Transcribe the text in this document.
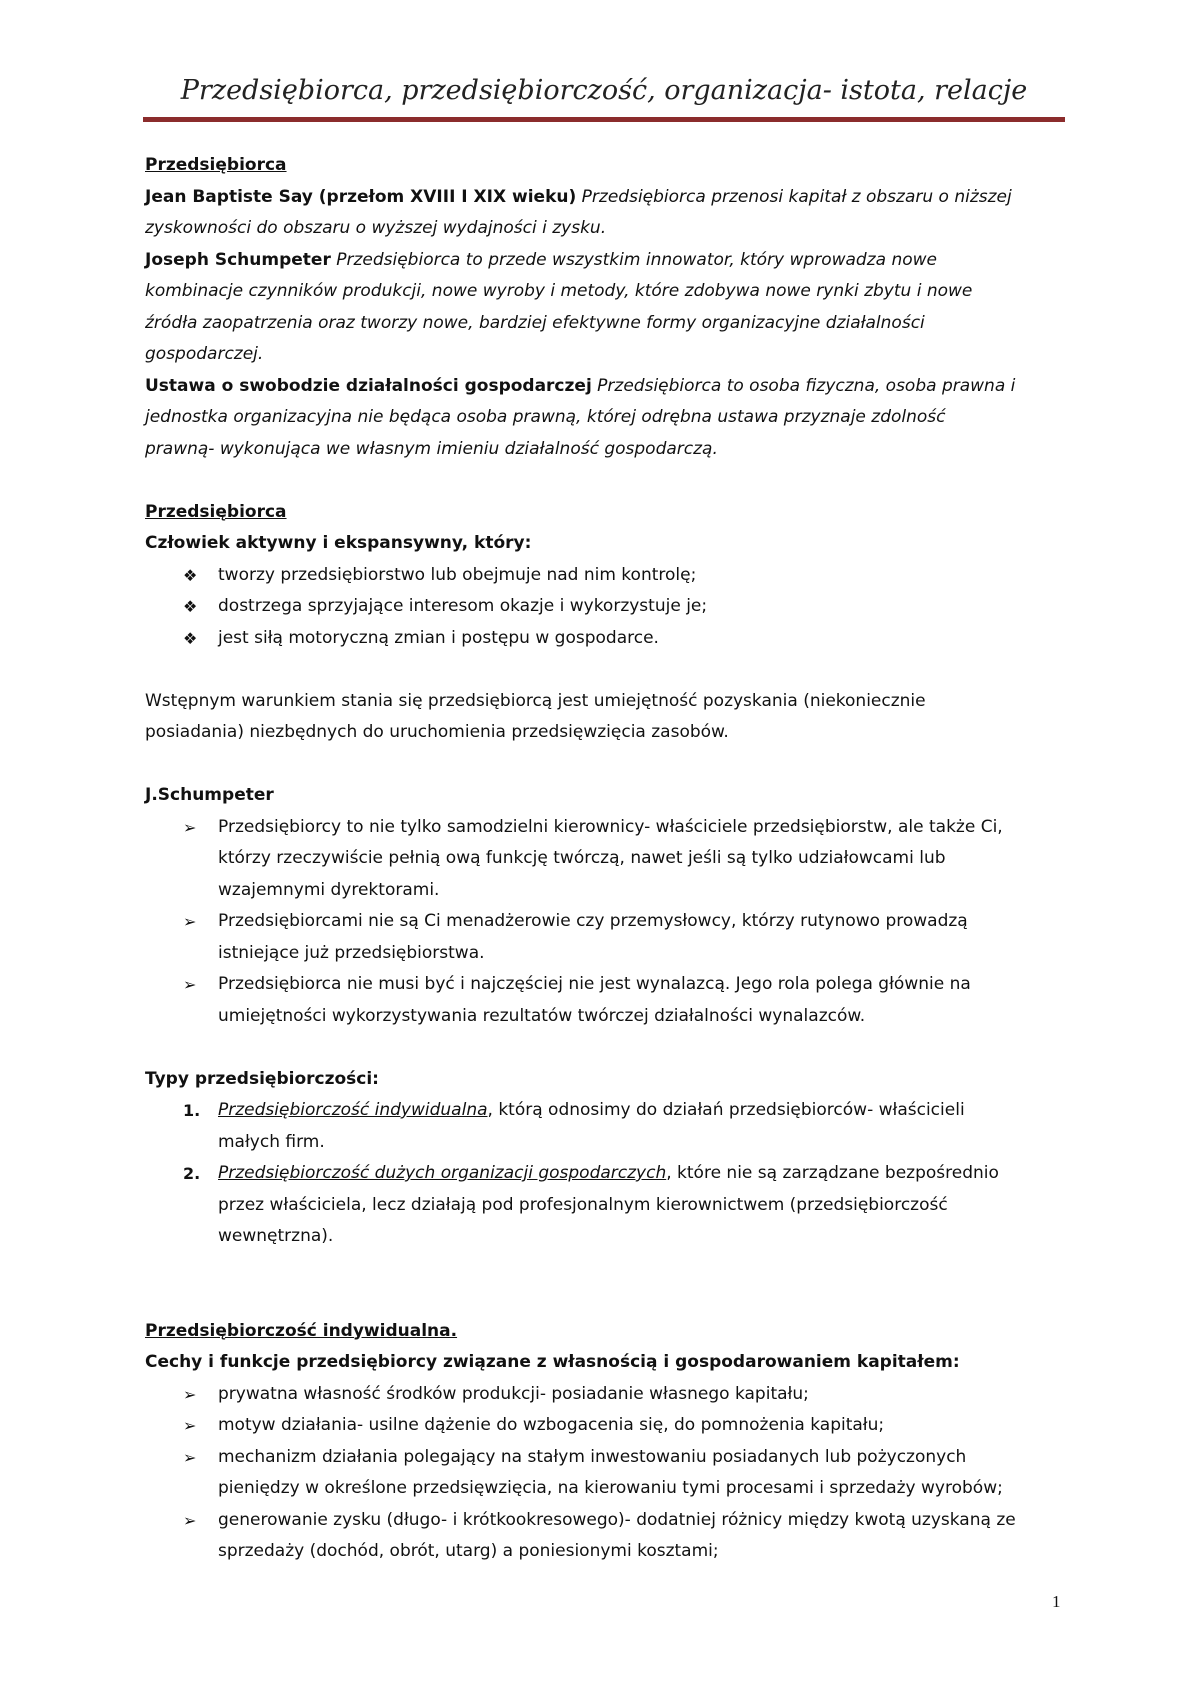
Przedsiębiorca, przedsiębiorczość, organizacja- istota, relacje

Przedsiębiorca

Jean Baptiste Say (przełom XVIII I XIX wieku) Przedsiębiorca przenosi kapitał z obszaru o niższej

zyskowności do obszaru o wyższej wydajności i zysku.

Joseph Schumpeter Przedsiębiorca to przede wszystkim innowator, który wprowadza nowe

kombinacje czynników produkcji, nowe wyroby i metody, które zdobywa nowe rynki zbytu i nowe

źródła zaopatrzenia oraz tworzy nowe, bardziej efektywne formy organizacyjne działalności

gospodarczej.

Ustawa o swobodzie działalności gospodarczej Przedsiębiorca to osoba fizyczna, osoba prawna i

jednostka organizacyjna nie będąca osoba prawną, której odrębna ustawa przyznaje zdolność

prawną- wykonująca we własnym imieniu działalność gospodarczą.

Przedsiębiorca

Człowiek aktywny i ekspansywny, który:

❖ tworzy przedsiębiorstwo lub obejmuje nad nim kontrolę;
❖ dostrzega sprzyjające interesom okazje i wykorzystuje je;
❖ jest siłą motoryczną zmian i postępu w gospodarce.

Wstępnym warunkiem stania się przedsiębiorcą jest umiejętność pozyskania (niekoniecznie

posiadania) niezbędnych do uruchomienia przedsięwzięcia zasobów.

J.Schumpeter

➢ Przedsiębiorcy to nie tylko samodzielni kierownicy- właściciele przedsiębiorstw, ale także Ci,
którzy rzeczywiście pełnią ową funkcję twórczą, nawet jeśli są tylko udziałowcami lub
wzajemnymi dyrektorami.
➢ Przedsiębiorcami nie są Ci menadżerowie czy przemysłowcy, którzy rutynowo prowadzą
istniejące już przedsiębiorstwa.
➢ Przedsiębiorca nie musi być i najczęściej nie jest wynalazcą. Jego rola polega głównie na
umiejętności wykorzystywania rezultatów twórczej działalności wynalazców.

Typy przedsiębiorczości:

1. Przedsiębiorczość indywidualna, którą odnosimy do działań przedsiębiorców- właścicieli
małych firm.
2. Przedsiębiorczość dużych organizacji gospodarczych, które nie są zarządzane bezpośrednio
przez właściciela, lecz działają pod profesjonalnym kierownictwem (przedsiębiorczość
wewnętrzna).

Przedsiębiorczość indywidualna.

Cechy i funkcje przedsiębiorcy związane z własnością i gospodarowaniem kapitałem:

➢ prywatna własność środków produkcji- posiadanie własnego kapitału;
➢ motyw działania- usilne dążenie do wzbogacenia się, do pomnożenia kapitału;
➢ mechanizm działania polegający na stałym inwestowaniu posiadanych lub pożyczonych
pieniędzy w określone przedsięwzięcia, na kierowaniu tymi procesami i sprzedaży wyrobów;
➢ generowanie zysku (długo- i krótkookresowego)- dodatniej różnicy między kwotą uzyskaną ze
sprzedaży (dochód, obrót, utarg) a poniesionymi kosztami;
1
